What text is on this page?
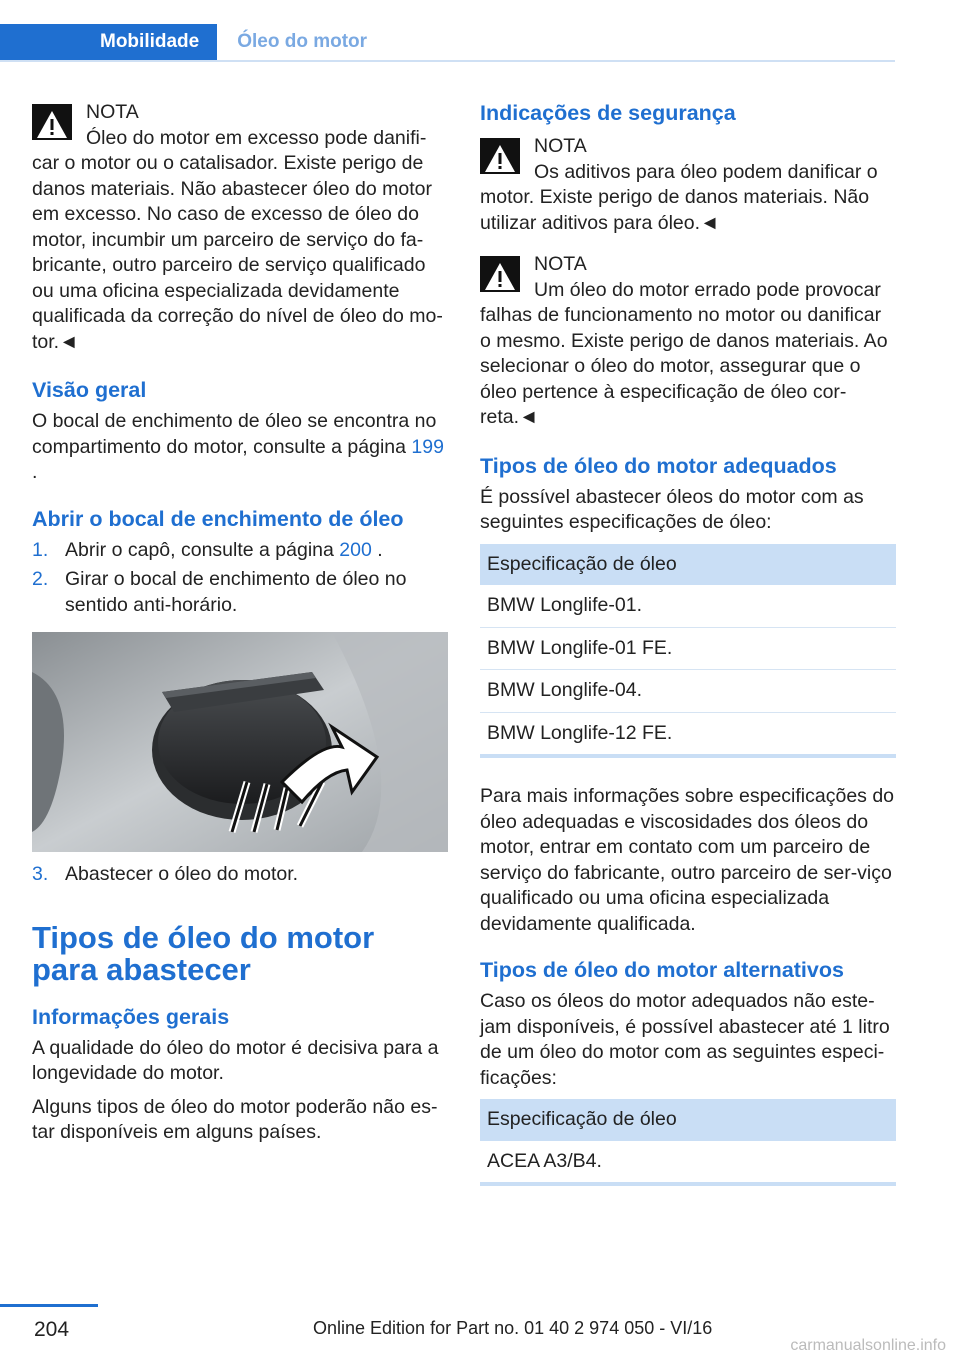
Mobilidade	Óleo do motor
NOTA
Óleo do motor em excesso pode danifi-
car o motor ou o catalisador. Existe perigo de danos materiais. Não abastecer óleo do motor em excesso. No caso de excesso de óleo do motor, incumbir um parceiro de serviço do fa-bricante, outro parceiro de serviço qualificado ou uma oficina especializada devidamente qualificada da correção do nível de óleo do mo-tor.◄
Visão geral

O bocal de enchimento de óleo se encontra no compartimento do motor, consulte a página 199 .

Abrir o bocal de enchimento de óleo
1. Abrir o capô, consulte a página 200 .
2. Girar o bocal de enchimento de óleo no sentido anti-horário.
3. Abastecer o óleo do motor.
Tipos de óleo do motor para abastecer
Informações gerais

A qualidade do óleo do motor é decisiva para a longevidade do motor.

Alguns tipos de óleo do motor poderão não es-tar disponíveis em alguns países.

Indicações de segurança
NOTA
Os aditivos para óleo podem danificar o
motor. Existe perigo de danos materiais. Não utilizar aditivos para óleo.◄
NOTA
Um óleo do motor errado pode provocar
falhas de funcionamento no motor ou danificar o mesmo. Existe perigo de danos materiais. Ao selecionar o óleo do motor, assegurar que o óleo pertence à especificação de óleo cor-reta.◄
Tipos de óleo do motor adequados

É possível abastecer óleos do motor com as seguintes especificações de óleo:

Especificação de óleo
BMW Longlife-01.
BMW Longlife-01 FE.
BMW Longlife-04.
BMW Longlife-12 FE.

Para mais informações sobre especificações do óleo adequadas e viscosidades dos óleos do motor, entrar em contato com um parceiro de serviço do fabricante, outro parceiro de ser-viço qualificado ou uma oficina especializada devidamente qualificada.

Tipos de óleo do motor alternativos

Caso os óleos do motor adequados não este-jam disponíveis, é possível abastecer até 1 litro de um óleo do motor com as seguintes especi-ficações:

Especificação de óleo
ACEA A3/B4.
204	Online Edition for Part no. 01 40 2 974 050 - VI/16
carmanualsonline.info
